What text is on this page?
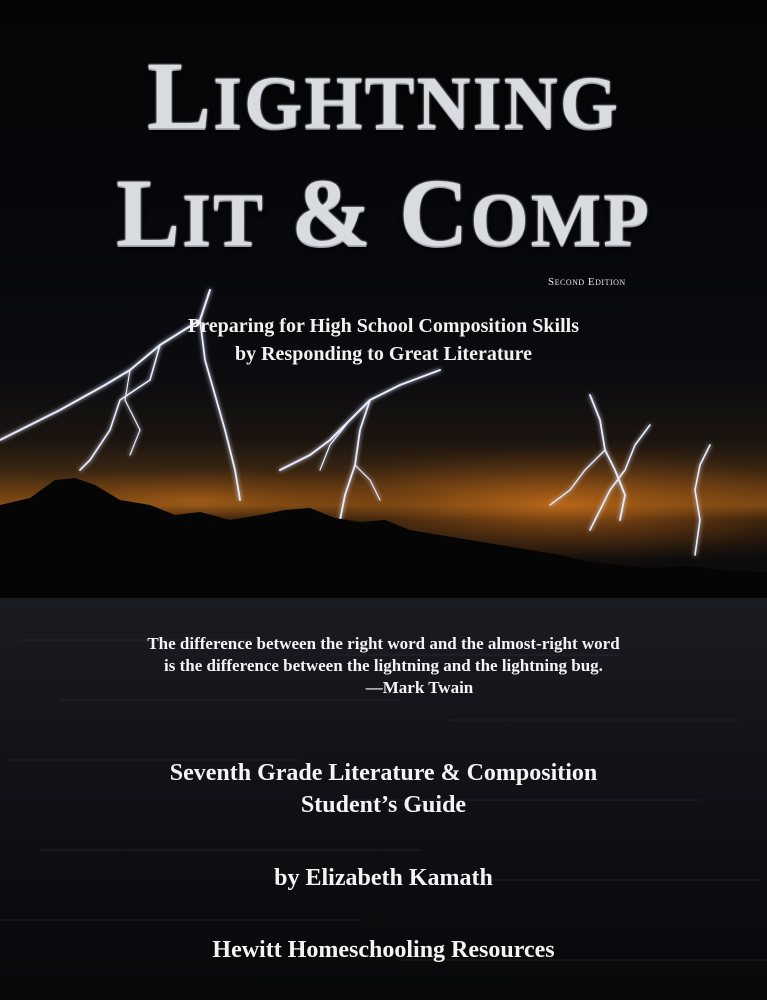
LIGHTNING
LIT & COMP
Second Edition
Preparing for High School Composition Skills
by Responding to Great Literature
The difference between the right word and the almost-right word
is the difference between the lightning and the lightning bug.
—Mark Twain
Seventh Grade Literature & Composition
Student’s Guide
by Elizabeth Kamath
Hewitt Homeschooling Resources
